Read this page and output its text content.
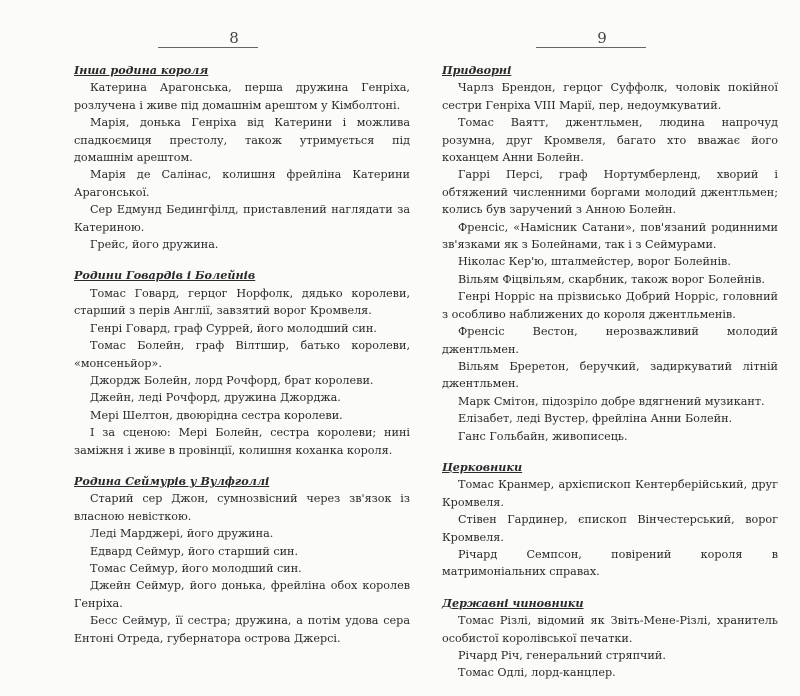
8

Інша родина короля

Катерина Арагонська, перша дружина Генріха, розлучена і живе під домашнім арештом у Кімболтоні.

Марія, донька Генріха від Катерини і можлива спадкоємиця престолу, також утримується під домашнім арештом.

Марія де Салінас, колишня фрейліна Катерини Арагонської.

Сер Едмунд Бедингфілд, приставлений наглядати за Катериною.

Грейс, його дружина.

Родини Говардів і Болейнів

Томас Говард, герцог Норфолк, дядько королеви, старший з перів Англії, завзятий ворог Кромвеля.

Генрі Говард, граф Суррей, його молодший син.

Томас Болейн, граф Вілтшир, батько королеви, «монсеньйор».

Джордж Болейн, лорд Рочфорд, брат королеви.

Джейн, леді Рочфорд, дружина Джорджа.

Мері Шелтон, двоюрідна сестра королеви.

І за сценою: Мері Болейн, сестра королеви; нині заміжня і живе в провінції, колишня коханка короля.

Родина Сеймурів у Вулфголлі

Старий сер Джон, сумнозвісний через зв'язок із власною невісткою.

Леді Марджері, його дружина.

Едвард Сеймур, його старший син.

Томас Сеймур, його молодший син.

Джейн Сеймур, його донька, фрейліна обох королев Генріха.

Бесс Сеймур, її сестра; дружина, а потім удова сера Ентоні Отреда, губернатора острова Джерсі.

9

Придворні

Чарлз Брендон, герцог Суффолк, чоловік покійної сестри Генріха VIII Марії, пер, недоумкуватий.

Томас Ваятт, джентльмен, людина напрочуд розумна, друг Кромвеля, багато хто вважає його коханцем Анни Болейн.

Гаррі Персі, граф Нортумберленд, хворий і обтяжений численними боргами молодий джентльмен; колись був заручений з Анною Болейн.

Френсіс, «Намісник Сатани», пов'язаний родинними зв'язками як з Болейнами, так і з Сеймурами.

Ніколас Кер'ю, шталмейстер, ворог Болейнів.

Вільям Фіцвільям, скарбник, також ворог Болейнів.

Генрі Норріс на прізвисько Добрий Норріс, головний з особливо наближених до короля джентльменів.

Френсіс Вестон, нерозважливий молодий джентльмен.

Вільям Бреретон, беручкий, задиркуватий літній джентльмен.

Марк Смітон, підозріло добре вдягнений музикант.

Елізабет, леді Вустер, фрейліна Анни Болейн.

Ганс Гольбайн, живописець.

Церковники

Томас Кранмер, архієпископ Кентерберійський, друг Кромвеля.

Стівен Гардинер, єпископ Вінчестерський, ворог Кромвеля.

Річард Семпсон, повірений короля в матримоніальних справах.

Державні чиновники

Томас Різлі, відомий як Звіть-Мене-Різлі, хранитель особистої королівської печатки.

Річард Річ, генеральний стряпчий.

Томас Одлі, лорд-канцлер.
